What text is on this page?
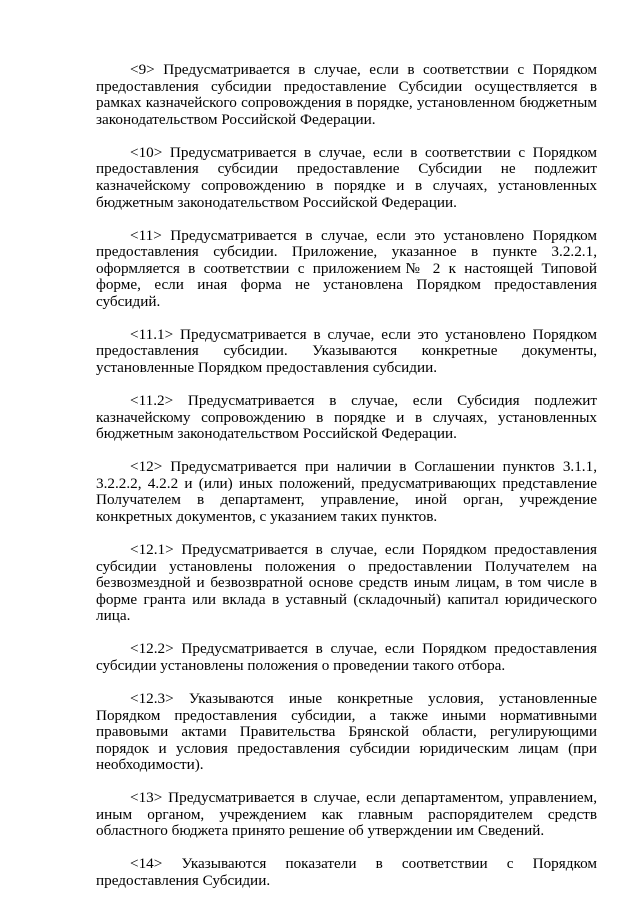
<9> Предусматривается в случае, если в соответствии с Порядком предоставления субсидии предоставление Субсидии осуществляется в рамках казначейского сопровождения в порядке, установленном бюджетным законодательством Российской Федерации.

<10> Предусматривается в случае, если в соответствии с Порядком предоставления субсидии предоставление Субсидии не подлежит казначейскому сопровождению в порядке и в случаях, установленных бюджетным законодательством Российской Федерации.

<11> Предусматривается в случае, если это установлено Порядком предоставления субсидии. Приложение, указанное в пункте 3.2.2.1, оформляется в соответствии с приложением№ 2 к настоящей Типовой форме, если иная форма не установлена Порядком предоставления субсидий.

<11.1> Предусматривается в случае, если это установлено Порядком предоставления субсидии. Указываются конкретные документы, установленные Порядком предоставления субсидии.

<11.2> Предусматривается в случае, если Субсидия подлежит казначейскому сопровождению в порядке и в случаях, установленных бюджетным законодательством Российской Федерации.

<12> Предусматривается при наличии в Соглашении пунктов 3.1.1, 3.2.2.2, 4.2.2 и (или) иных положений, предусматривающих представление Получателем в департамент, управление, иной орган, учреждение конкретных документов, с указанием таких пунктов.

<12.1> Предусматривается в случае, если Порядком предоставления субсидии установлены положения о предоставлении Получателем на безвозмездной и безвозвратной основе средств иным лицам, в том числе в форме гранта или вклада в уставный (складочный) капитал юридического лица.

<12.2> Предусматривается в случае, если Порядком предоставления субсидии установлены положения о проведении такого отбора.

<12.3> Указываются иные конкретные условия, установленные Порядком предоставления субсидии, а также иными нормативными правовыми актами Правительства Брянской области, регулирующими порядок и условия предоставления субсидии юридическим лицам (при необходимости).

<13> Предусматривается в случае, если департаментом, управлением, иным органом, учреждением как главным распорядителем средств областного бюджета принято решение об утверждении им Сведений.

<14> Указываются показатели в соответствии с Порядком предоставления Субсидии.
